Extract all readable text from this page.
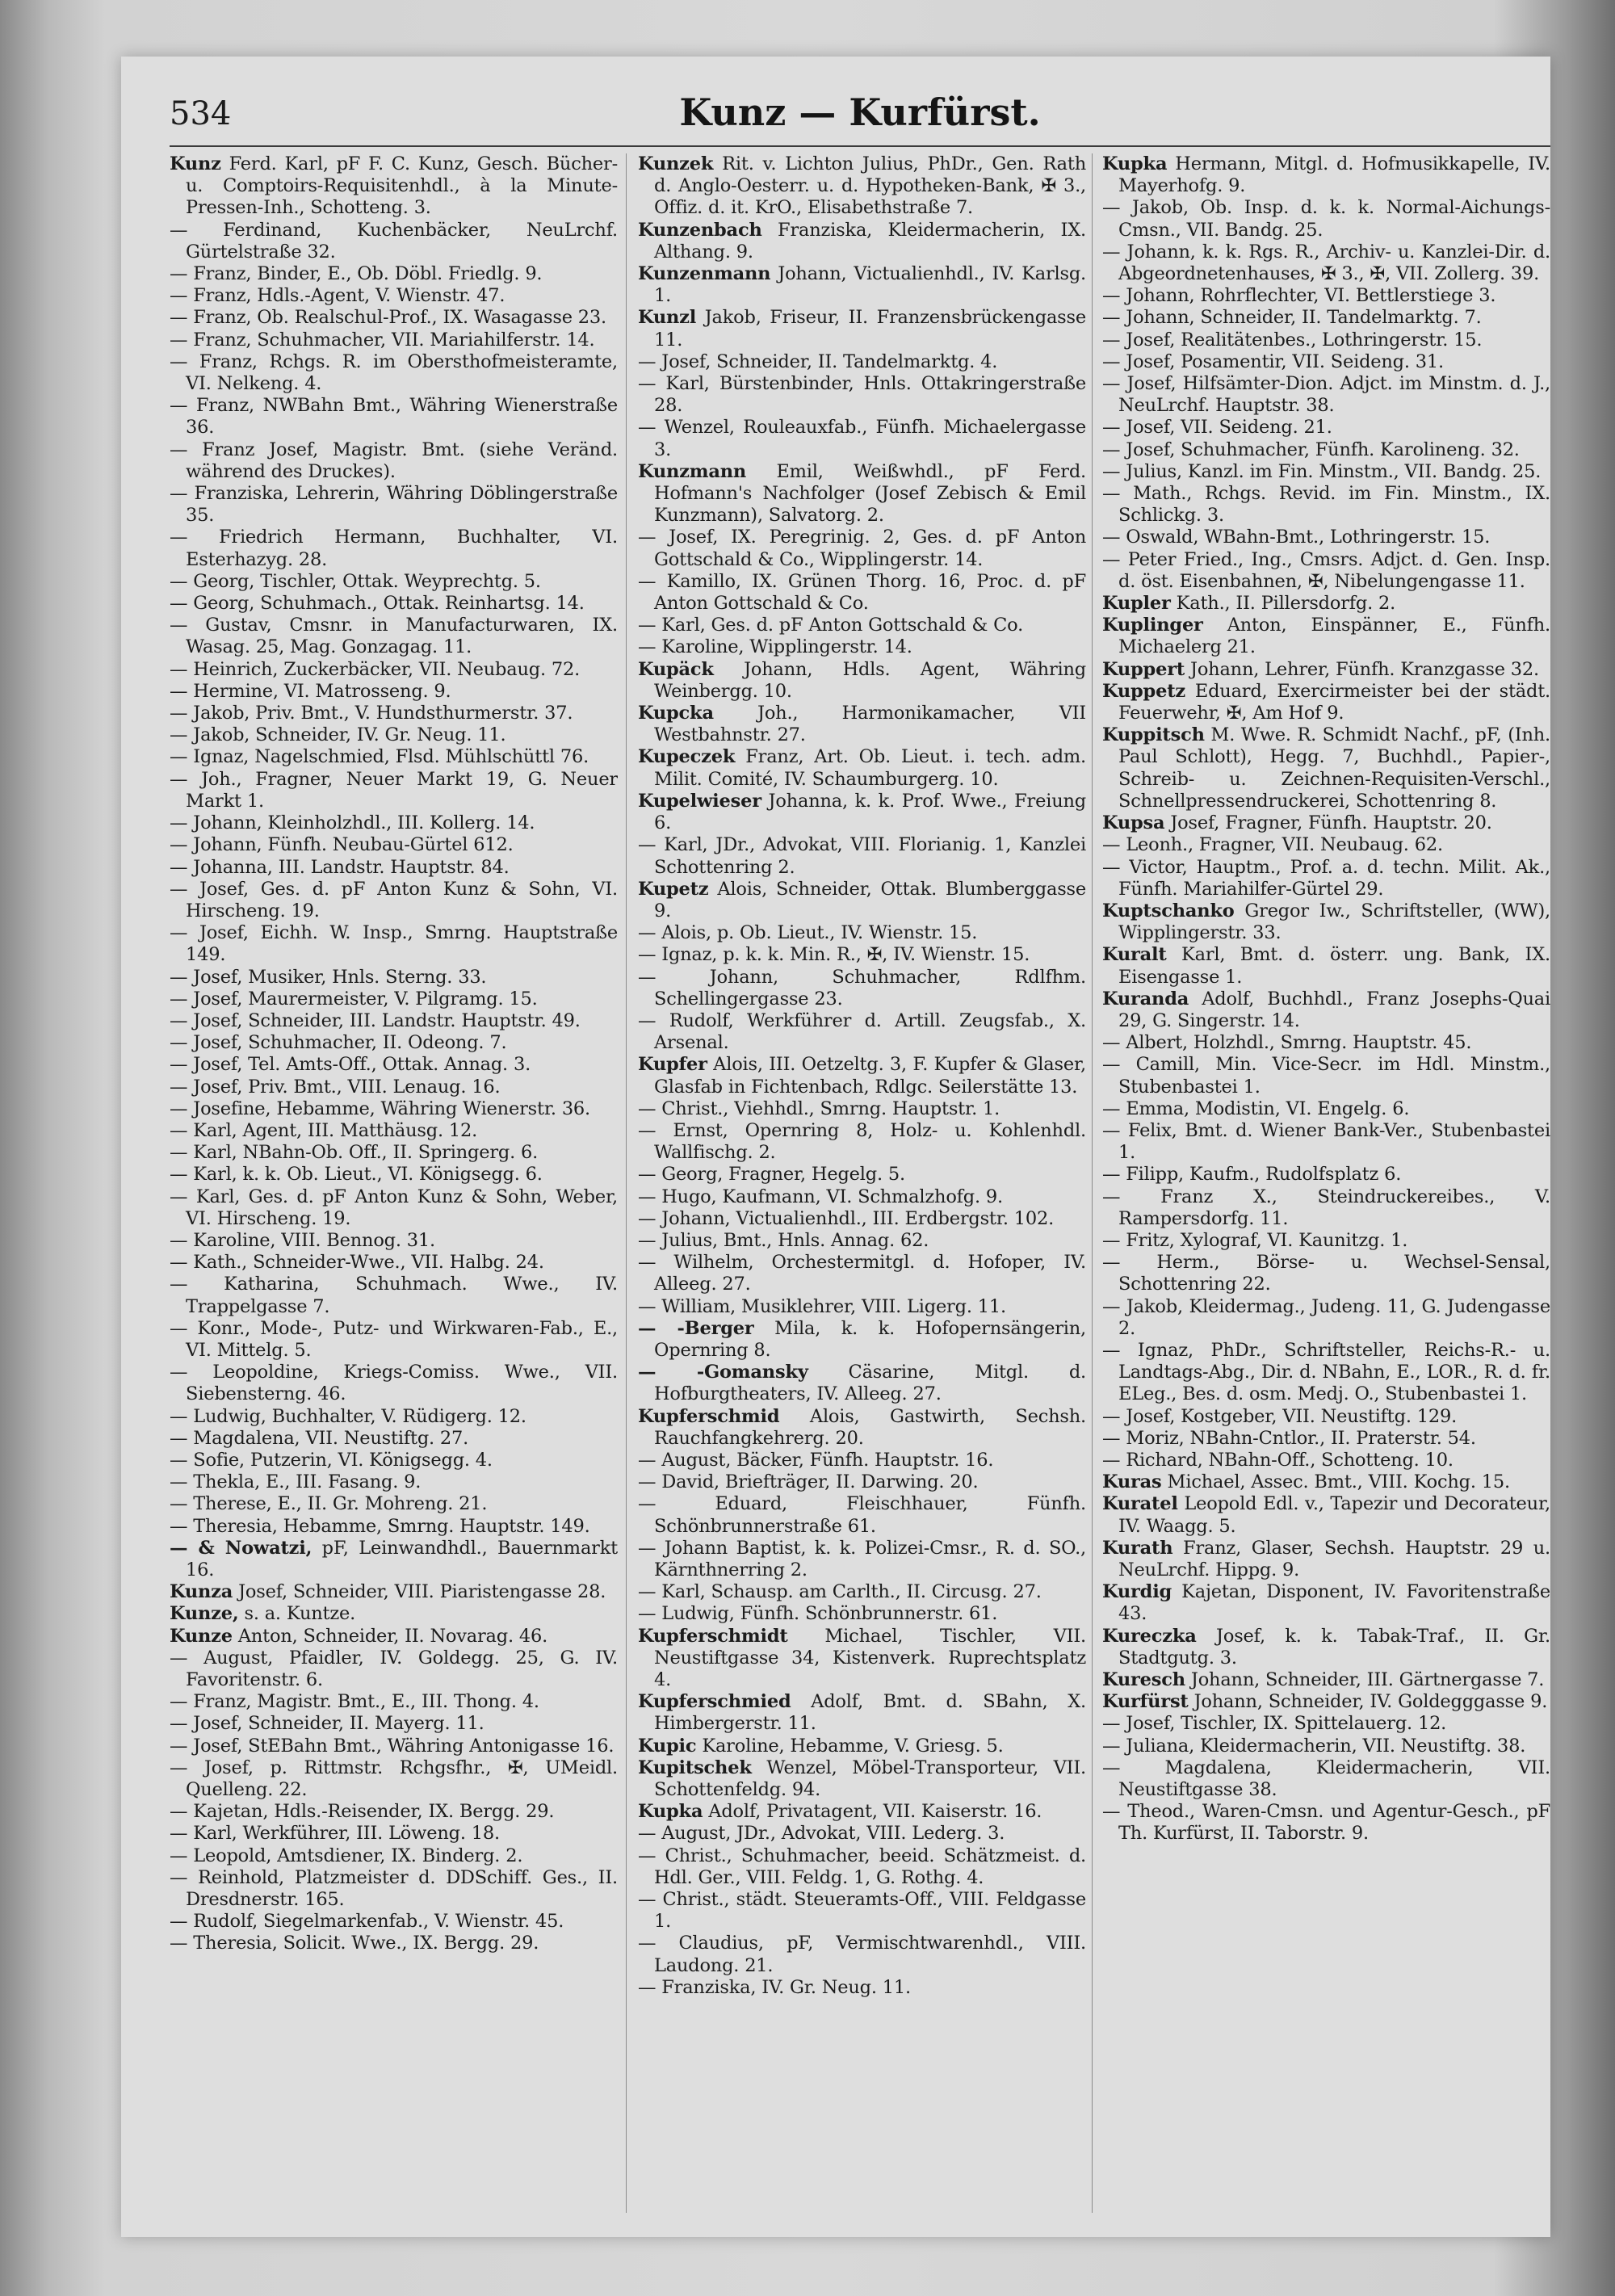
534	Kunz — Kurfürst.

Kunz Ferd. Karl, pF F. C. Kunz, Gesch. Bücher- u. Comptoirs-Requisitenhdl., à la Minute-Pressen-Inh., Schotteng. 3.

— Ferdinand, Kuchenbäcker, NeuLrchf. Gürtelstraße 32.

— Franz, Binder, E., Ob. Döbl. Friedlg. 9.

— Franz, Hdls.-Agent, V. Wienstr. 47.

— Franz, Ob. Realschul-Prof., IX. Wasagasse 23.

— Franz, Schuhmacher, VII. Mariahilferstr. 14.

— Franz, Rchgs. R. im Obersthofmeisteramte, VI. Nelkeng. 4.

— Franz, NWBahn Bmt., Währing Wienerstraße 36.

— Franz Josef, Magistr. Bmt. (siehe Veränd. während des Druckes).

— Franziska, Lehrerin, Währing Döblingerstraße 35.

— Friedrich Hermann, Buchhalter, VI. Esterhazyg. 28.

— Georg, Tischler, Ottak. Weyprechtg. 5.

— Georg, Schuhmach., Ottak. Reinhartsg. 14.

— Gustav, Cmsnr. in Manufacturwaren, IX. Wasag. 25, Mag. Gonzagag. 11.

— Heinrich, Zuckerbäcker, VII. Neubaug. 72.

— Hermine, VI. Matrosseng. 9.

— Jakob, Priv. Bmt., V. Hundsthurmerstr. 37.

— Jakob, Schneider, IV. Gr. Neug. 11.

— Ignaz, Nagelschmied, Flsd. Mühlschüttl 76.

— Joh., Fragner, Neuer Markt 19, G. Neuer Markt 1.

— Johann, Kleinholzhdl., III. Kollerg. 14.

— Johann, Fünfh. Neubau-Gürtel 612.

— Johanna, III. Landstr. Hauptstr. 84.

— Josef, Ges. d. pF Anton Kunz & Sohn, VI. Hirscheng. 19.

— Josef, Eichh. W. Insp., Smrng. Hauptstraße 149.

— Josef, Musiker, Hnls. Sterng. 33.

— Josef, Maurermeister, V. Pilgramg. 15.

— Josef, Schneider, III. Landstr. Hauptstr. 49.

— Josef, Schuhmacher, II. Odeong. 7.

— Josef, Tel. Amts-Off., Ottak. Annag. 3.

— Josef, Priv. Bmt., VIII. Lenaug. 16.

— Josefine, Hebamme, Währing Wienerstr. 36.

— Karl, Agent, III. Matthäusg. 12.

— Karl, NBahn-Ob. Off., II. Springerg. 6.

— Karl, k. k. Ob. Lieut., VI. Königsegg. 6.

— Karl, Ges. d. pF Anton Kunz & Sohn, Weber, VI. Hirscheng. 19.

— Karoline, VIII. Bennog. 31.

— Kath., Schneider-Wwe., VII. Halbg. 24.

— Katharina, Schuhmach. Wwe., IV. Trappelgasse 7.

— Konr., Mode-, Putz- und Wirkwaren-Fab., E., VI. Mittelg. 5.

— Leopoldine, Kriegs-Comiss. Wwe., VII. Siebensterng. 46.

— Ludwig, Buchhalter, V. Rüdigerg. 12.

— Magdalena, VII. Neustiftg. 27.

— Sofie, Putzerin, VI. Königsegg. 4.

— Thekla, E., III. Fasang. 9.

— Therese, E., II. Gr. Mohreng. 21.

— Theresia, Hebamme, Smrng. Hauptstr. 149.

— & Nowatzi, pF, Leinwandhdl., Bauernmarkt 16.

Kunza Josef, Schneider, VIII. Piaristengasse 28.

Kunze, s. a. Kuntze.

Kunze Anton, Schneider, II. Novarag. 46.

— August, Pfaidler, IV. Goldegg. 25, G. IV. Favoritenstr. 6.

— Franz, Magistr. Bmt., E., III. Thong. 4.

— Josef, Schneider, II. Mayerg. 11.

— Josef, StEBahn Bmt., Währing Antonigasse 16.

— Josef, p. Rittmstr. Rchgsfhr., ✠, UMeidl. Quelleng. 22.

— Kajetan, Hdls.-Reisender, IX. Bergg. 29.

— Karl, Werkführer, III. Löweng. 18.

— Leopold, Amtsdiener, IX. Binderg. 2.

— Reinhold, Platzmeister d. DDSchiff. Ges., II. Dresdnerstr. 165.

— Rudolf, Siegelmarkenfab., V. Wienstr. 45.

— Theresia, Solicit. Wwe., IX. Bergg. 29.

Kunzek Rit. v. Lichton Julius, PhDr., Gen. Rath d. Anglo-Oesterr. u. d. Hypotheken-Bank, ✠ 3., Offiz. d. it. KrO., Elisabethstraße 7.

Kunzenbach Franziska, Kleidermacherin, IX. Althang. 9.

Kunzenmann Johann, Victualienhdl., IV. Karlsg. 1.

Kunzl Jakob, Friseur, II. Franzensbrückengasse 11.

— Josef, Schneider, II. Tandelmarktg. 4.

— Karl, Bürstenbinder, Hnls. Ottakringerstraße 28.

— Wenzel, Rouleauxfab., Fünfh. Michaelergasse 3.

Kunzmann Emil, Weißwhdl., pF Ferd. Hofmann's Nachfolger (Josef Zebisch & Emil Kunzmann), Salvatorg. 2.

— Josef, IX. Peregrinig. 2, Ges. d. pF Anton Gottschald & Co., Wipplingerstr. 14.

— Kamillo, IX. Grünen Thorg. 16, Proc. d. pF Anton Gottschald & Co.

— Karl, Ges. d. pF Anton Gottschald & Co.

— Karoline, Wipplingerstr. 14.

Kupäck Johann, Hdls. Agent, Währing Weinbergg. 10.

Kupcka Joh., Harmonikamacher, VII Westbahnstr. 27.

Kupeczek Franz, Art. Ob. Lieut. i. tech. adm. Milit. Comité, IV. Schaumburgerg. 10.

Kupelwieser Johanna, k. k. Prof. Wwe., Freiung 6.

— Karl, JDr., Advokat, VIII. Florianig. 1, Kanzlei Schottenring 2.

Kupetz Alois, Schneider, Ottak. Blumberggasse 9.

— Alois, p. Ob. Lieut., IV. Wienstr. 15.

— Ignaz, p. k. k. Min. R., ✠, IV. Wienstr. 15.

— Johann, Schuhmacher, Rdlfhm. Schellingergasse 23.

— Rudolf, Werkführer d. Artill. Zeugsfab., X. Arsenal.

Kupfer Alois, III. Oetzeltg. 3, F. Kupfer & Glaser, Glasfab in Fichtenbach, Rdlgc. Seilerstätte 13.

— Christ., Viehhdl., Smrng. Hauptstr. 1.

— Ernst, Opernring 8, Holz- u. Kohlenhdl. Wallfischg. 2.

— Georg, Fragner, Hegelg. 5.

— Hugo, Kaufmann, VI. Schmalzhofg. 9.

— Johann, Victualienhdl., III. Erdbergstr. 102.

— Julius, Bmt., Hnls. Annag. 62.

— Wilhelm, Orchestermitgl. d. Hofoper, IV. Alleeg. 27.

— William, Musiklehrer, VIII. Ligerg. 11.

— -Berger Mila, k. k. Hofopernsängerin, Opernring 8.

— -Gomansky Cäsarine, Mitgl. d. Hofburgtheaters, IV. Alleeg. 27.

Kupferschmid Alois, Gastwirth, Sechsh. Rauchfangkehrerg. 20.

— August, Bäcker, Fünfh. Hauptstr. 16.

— David, Briefträger, II. Darwing. 20.

— Eduard, Fleischhauer, Fünfh. Schönbrunnerstraße 61.

— Johann Baptist, k. k. Polizei-Cmsr., R. d. SO., Kärnthnerring 2.

— Karl, Schausp. am Carlth., II. Circusg. 27.

— Ludwig, Fünfh. Schönbrunnerstr. 61.

Kupferschmidt Michael, Tischler, VII. Neustiftgasse 34, Kistenverk. Ruprechtsplatz 4.

Kupferschmied Adolf, Bmt. d. SBahn, X. Himbergerstr. 11.

Kupic Karoline, Hebamme, V. Griesg. 5.

Kupitschek Wenzel, Möbel-Transporteur, VII. Schottenfeldg. 94.

Kupka Adolf, Privatagent, VII. Kaiserstr. 16.

— August, JDr., Advokat, VIII. Lederg. 3.

— Christ., Schuhmacher, beeid. Schätzmeist. d. Hdl. Ger., VIII. Feldg. 1, G. Rothg. 4.

— Christ., städt. Steueramts-Off., VIII. Feldgasse 1.

— Claudius, pF, Vermischtwarenhdl., VIII. Laudong. 21.

— Franziska, IV. Gr. Neug. 11.

Kupka Hermann, Mitgl. d. Hofmusikkapelle, IV. Mayerhofg. 9.

— Jakob, Ob. Insp. d. k. k. Normal-Aichungs-Cmsn., VII. Bandg. 25.

— Johann, k. k. Rgs. R., Archiv- u. Kanzlei-Dir. d. Abgeordnetenhauses, ✠ 3., ✠, VII. Zollerg. 39.

— Johann, Rohrflechter, VI. Bettlerstiege 3.

— Johann, Schneider, II. Tandelmarktg. 7.

— Josef, Realitätenbes., Lothringerstr. 15.

— Josef, Posamentir, VII. Seideng. 31.

— Josef, Hilfsämter-Dion. Adjct. im Minstm. d. J., NeuLrchf. Hauptstr. 38.

— Josef, VII. Seideng. 21.

— Josef, Schuhmacher, Fünfh. Karolineng. 32.

— Julius, Kanzl. im Fin. Minstm., VII. Bandg. 25.

— Math., Rchgs. Revid. im Fin. Minstm., IX. Schlickg. 3.

— Oswald, WBahn-Bmt., Lothringerstr. 15.

— Peter Fried., Ing., Cmsrs. Adjct. d. Gen. Insp. d. öst. Eisenbahnen, ✠, Nibelungengasse 11.

Kupler Kath., II. Pillersdorfg. 2.

Kuplinger Anton, Einspänner, E., Fünfh. Michaelerg 21.

Kuppert Johann, Lehrer, Fünfh. Kranzgasse 32.

Kuppetz Eduard, Exercirmeister bei der städt. Feuerwehr, ✠, Am Hof 9.

Kuppitsch M. Wwe. R. Schmidt Nachf., pF, (Inh. Paul Schlott), Hegg. 7, Buchhdl., Papier-, Schreib- u. Zeichnen-Requisiten-Verschl., Schnellpressendruckerei, Schottenring 8.

Kupsa Josef, Fragner, Fünfh. Hauptstr. 20.

— Leonh., Fragner, VII. Neubaug. 62.

— Victor, Hauptm., Prof. a. d. techn. Milit. Ak., Fünfh. Mariahilfer-Gürtel 29.

Kuptschanko Gregor Iw., Schriftsteller, (WW), Wipplingerstr. 33.

Kuralt Karl, Bmt. d. österr. ung. Bank, IX. Eisengasse 1.

Kuranda Adolf, Buchhdl., Franz Josephs-Quai 29, G. Singerstr. 14.

— Albert, Holzhdl., Smrng. Hauptstr. 45.

— Camill, Min. Vice-Secr. im Hdl. Minstm., Stubenbastei 1.

— Emma, Modistin, VI. Engelg. 6.

— Felix, Bmt. d. Wiener Bank-Ver., Stubenbastei 1.

— Filipp, Kaufm., Rudolfsplatz 6.

— Franz X., Steindruckereibes., V. Rampersdorfg. 11.

— Fritz, Xylograf, VI. Kaunitzg. 1.

— Herm., Börse- u. Wechsel-Sensal, Schottenring 22.

— Jakob, Kleidermag., Judeng. 11, G. Judengasse 2.

— Ignaz, PhDr., Schriftsteller, Reichs-R.- u. Landtags-Abg., Dir. d. NBahn, E., LOR., R. d. fr. ELeg., Bes. d. osm. Medj. O., Stubenbastei 1.

— Josef, Kostgeber, VII. Neustiftg. 129.

— Moriz, NBahn-Cntlor., II. Praterstr. 54.

— Richard, NBahn-Off., Schotteng. 10.

Kuras Michael, Assec. Bmt., VIII. Kochg. 15.

Kuratel Leopold Edl. v., Tapezir und Decorateur, IV. Waagg. 5.

Kurath Franz, Glaser, Sechsh. Hauptstr. 29 u. NeuLrchf. Hippg. 9.

Kurdig Kajetan, Disponent, IV. Favoritenstraße 43.

Kureczka Josef, k. k. Tabak-Traf., II. Gr. Stadtgutg. 3.

Kuresch Johann, Schneider, III. Gärtnergasse 7.

Kurfürst Johann, Schneider, IV. Goldegggasse 9.

— Josef, Tischler, IX. Spittelauerg. 12.

— Juliana, Kleidermacherin, VII. Neustiftg. 38.

— Magdalena, Kleidermacherin, VII. Neustiftgasse 38.

— Theod., Waren-Cmsn. und Agentur-Gesch., pF Th. Kurfürst, II. Taborstr. 9.
